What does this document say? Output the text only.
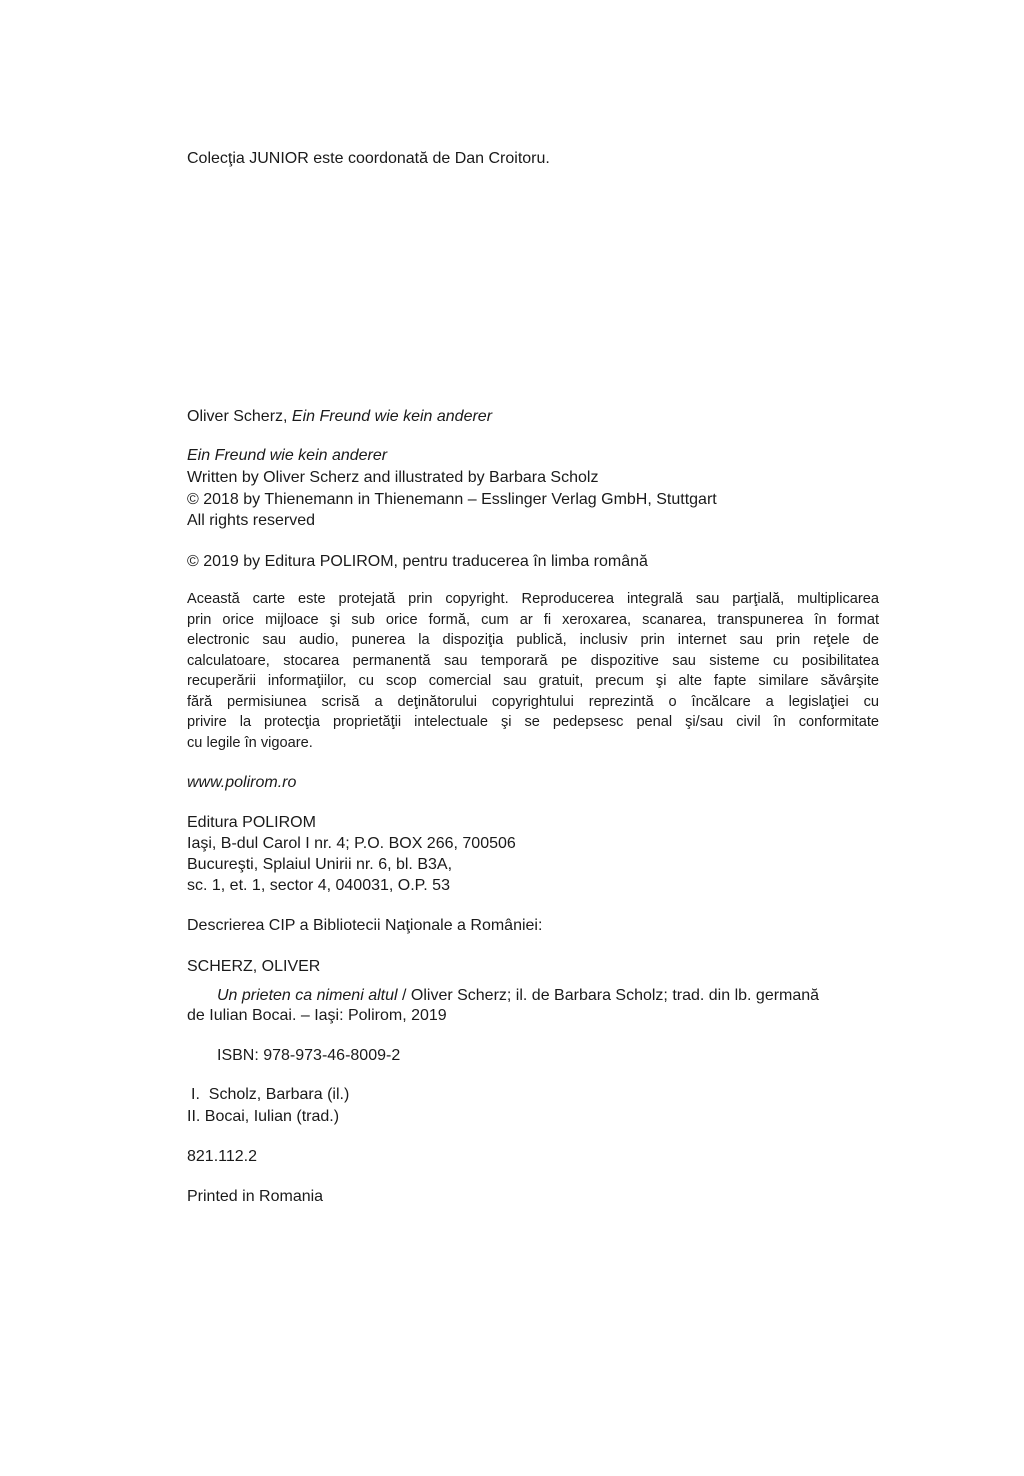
Colecţia JUNIOR este coordonată de Dan Croitoru.
Oliver Scherz, Ein Freund wie kein anderer
Ein Freund wie kein anderer
Written by Oliver Scherz and illustrated by Barbara Scholz
© 2018 by Thienemann in Thienemann – Esslinger Verlag GmbH, Stuttgart
All rights reserved
© 2019 by Editura POLIROM, pentru traducerea în limba română
Această carte este protejată prin copyright. Reproducerea integrală sau parţială, multiplicarea
prin orice mijloace şi sub orice formă, cum ar fi xeroxarea, scanarea, transpunerea în format
electronic sau audio, punerea la dispoziţia publică, inclusiv prin internet sau prin reţele de
calculatoare, stocarea permanentă sau temporară pe dispozitive sau sisteme cu posibilitatea
recuperării informaţiilor, cu scop comercial sau gratuit, precum şi alte fapte similare săvârşite
fără permisiunea scrisă a deţinătorului copyrightului reprezintă o încălcare a legislaţiei cu
privire la protecţia proprietăţii intelectuale şi se pedepsesc penal şi/sau civil în conformitate
cu legile în vigoare.
www.polirom.ro
Editura POLIROM
Iaşi, B-dul Carol I nr. 4; P.O. BOX 266, 700506
Bucureşti, Splaiul Unirii nr. 6, bl. B3A,
sc. 1, et. 1, sector 4, 040031, O.P. 53
Descrierea CIP a Bibliotecii Naţionale a României:
SCHERZ, OLIVER
Un prieten ca nimeni altul / Oliver Scherz; il. de Barbara Scholz; trad. din lb. germană
de Iulian Bocai. – Iaşi: Polirom, 2019
ISBN: 978-973-46-8009-2
I.  Scholz, Barbara (il.)
II. Bocai, Iulian (trad.)
821.112.2
Printed in Romania
